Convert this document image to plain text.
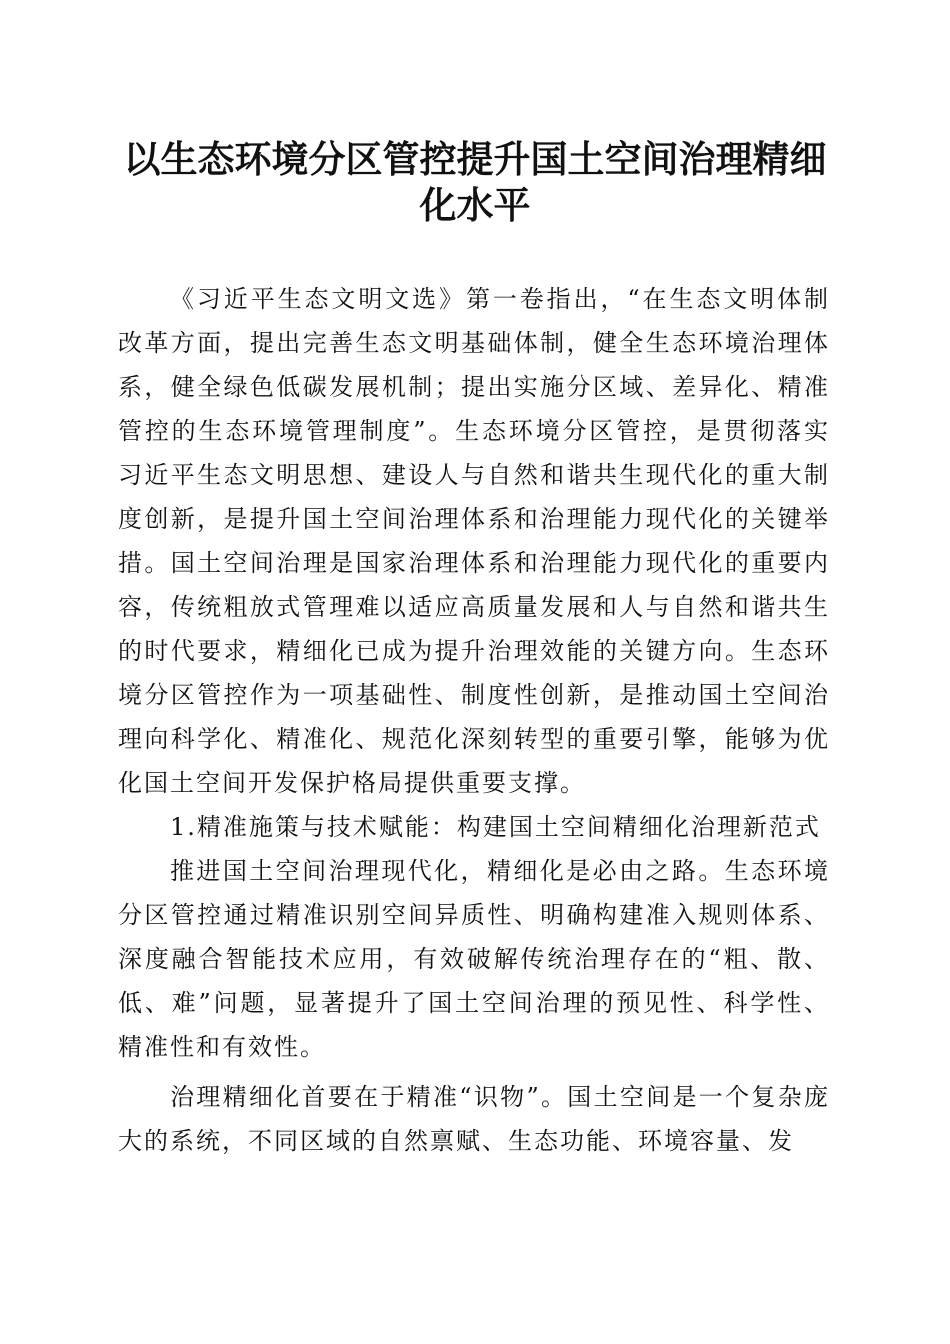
以生态环境分区管控提升国土空间治理精细化水平

《习近平生态文明文选》第一卷指出，“在生态文明体制改革方面，提出完善生态文明基础体制，健全生态环境治理体系，健全绿色低碳发展机制；提出实施分区域、差异化、精准管控的生态环境管理制度”。生态环境分区管控，是贯彻落实习近平生态文明思想、建设人与自然和谐共生现代化的重大制度创新，是提升国土空间治理体系和治理能力现代化的关键举措。国土空间治理是国家治理体系和治理能力现代化的重要内容，传统粗放式管理难以适应高质量发展和人与自然和谐共生的时代要求，精细化已成为提升治理效能的关键方向。生态环境分区管控作为一项基础性、制度性创新，是推动国土空间治理向科学化、精准化、规范化深刻转型的重要引擎，能够为优化国土空间开发保护格局提供重要支撑。

1.精准施策与技术赋能：构建国土空间精细化治理新范式

推进国土空间治理现代化，精细化是必由之路。生态环境分区管控通过精准识别空间异质性、明确构建准入规则体系、深度融合智能技术应用，有效破解传统治理存在的“粗、散、低、难”问题，显著提升了国土空间治理的预见性、科学性、精准性和有效性。

治理精细化首要在于精准“识物”。国土空间是一个复杂庞大的系统，不同区域的自然禀赋、生态功能、环境容量、发
